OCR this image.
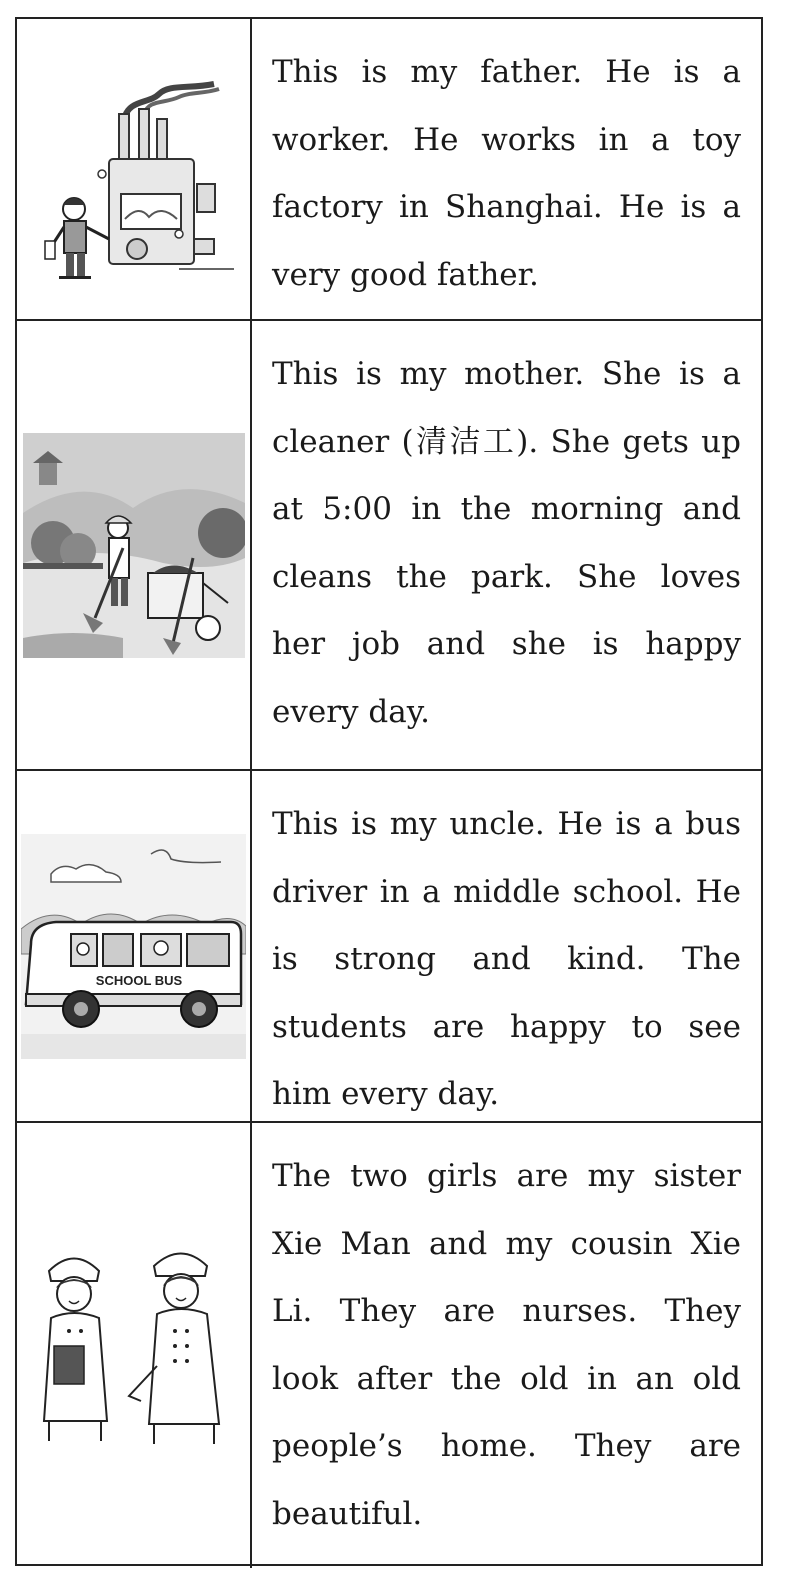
This is my father. He is a worker. He works in a toy factory in Shanghai. He is a very good father.
This is my mother. She is a cleaner (清洁工). She gets up at 5:00 in the morning and cleans the park. She loves her job and she is happy every day.
SCHOOL BUS
This is my uncle. He is a bus driver in a middle school. He is strong and kind. The students are happy to see him every day.
The two girls are my sister Xie Man and my cousin Xie Li. They are nurses. They look after the old in an old people’s home. They are beautiful.
